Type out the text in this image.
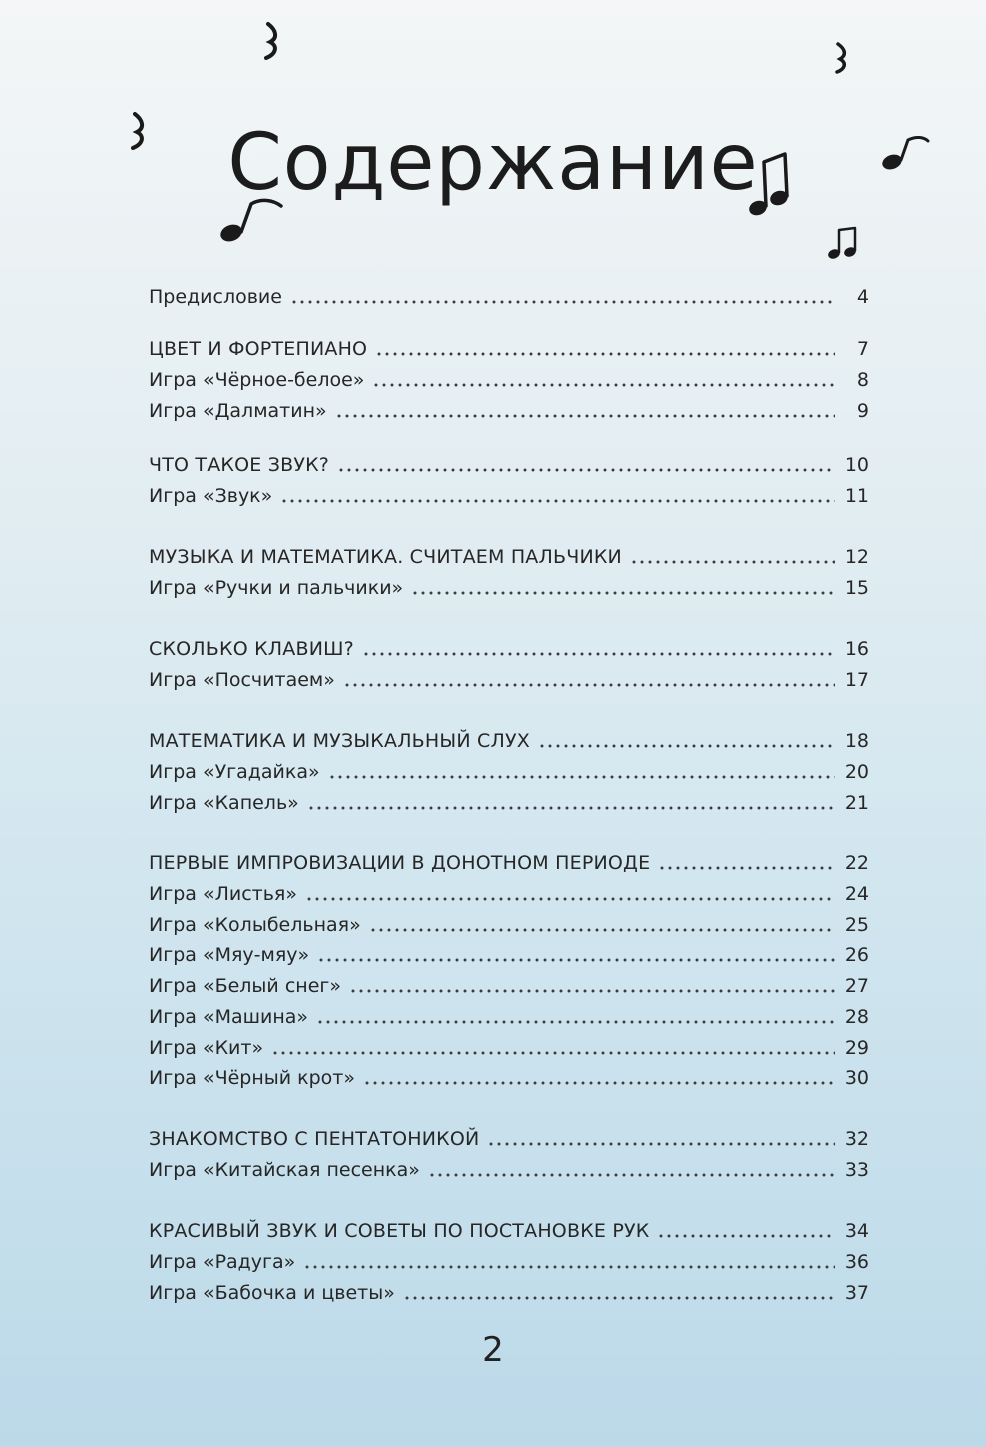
Содержание
Предисловие	4
ЦВЕТ И ФОРТЕПИАНО	7
Игра «Чёрное-белое»	8
Игра «Далматин»	9
ЧТО ТАКОЕ ЗВУК?	10
Игра «Звук»	11
МУЗЫКА И МАТЕМАТИКА. СЧИТАЕМ ПАЛЬЧИКИ	12
Игра «Ручки и пальчики»	15
СКОЛЬКО КЛАВИШ?	16
Игра «Посчитаем»	17
МАТЕМАТИКА И МУЗЫКАЛЬНЫЙ СЛУХ	18
Игра «Угадайка»	20
Игра «Капель»	21
ПЕРВЫЕ ИМПРОВИЗАЦИИ В ДОНОТНОМ ПЕРИОДЕ	22
Игра «Листья»	24
Игра «Колыбельная»	25
Игра «Мяу-мяу»	26
Игра «Белый снег»	27
Игра «Машина»	28
Игра «Кит»	29
Игра «Чёрный крот»	30
ЗНАКОМСТВО С ПЕНТАТОНИКОЙ	32
Игра «Китайская песенка»	33
КРАСИВЫЙ ЗВУК И СОВЕТЫ ПО ПОСТАНОВКЕ РУК	34
Игра «Радуга»	36
Игра «Бабочка и цветы»	37
2
